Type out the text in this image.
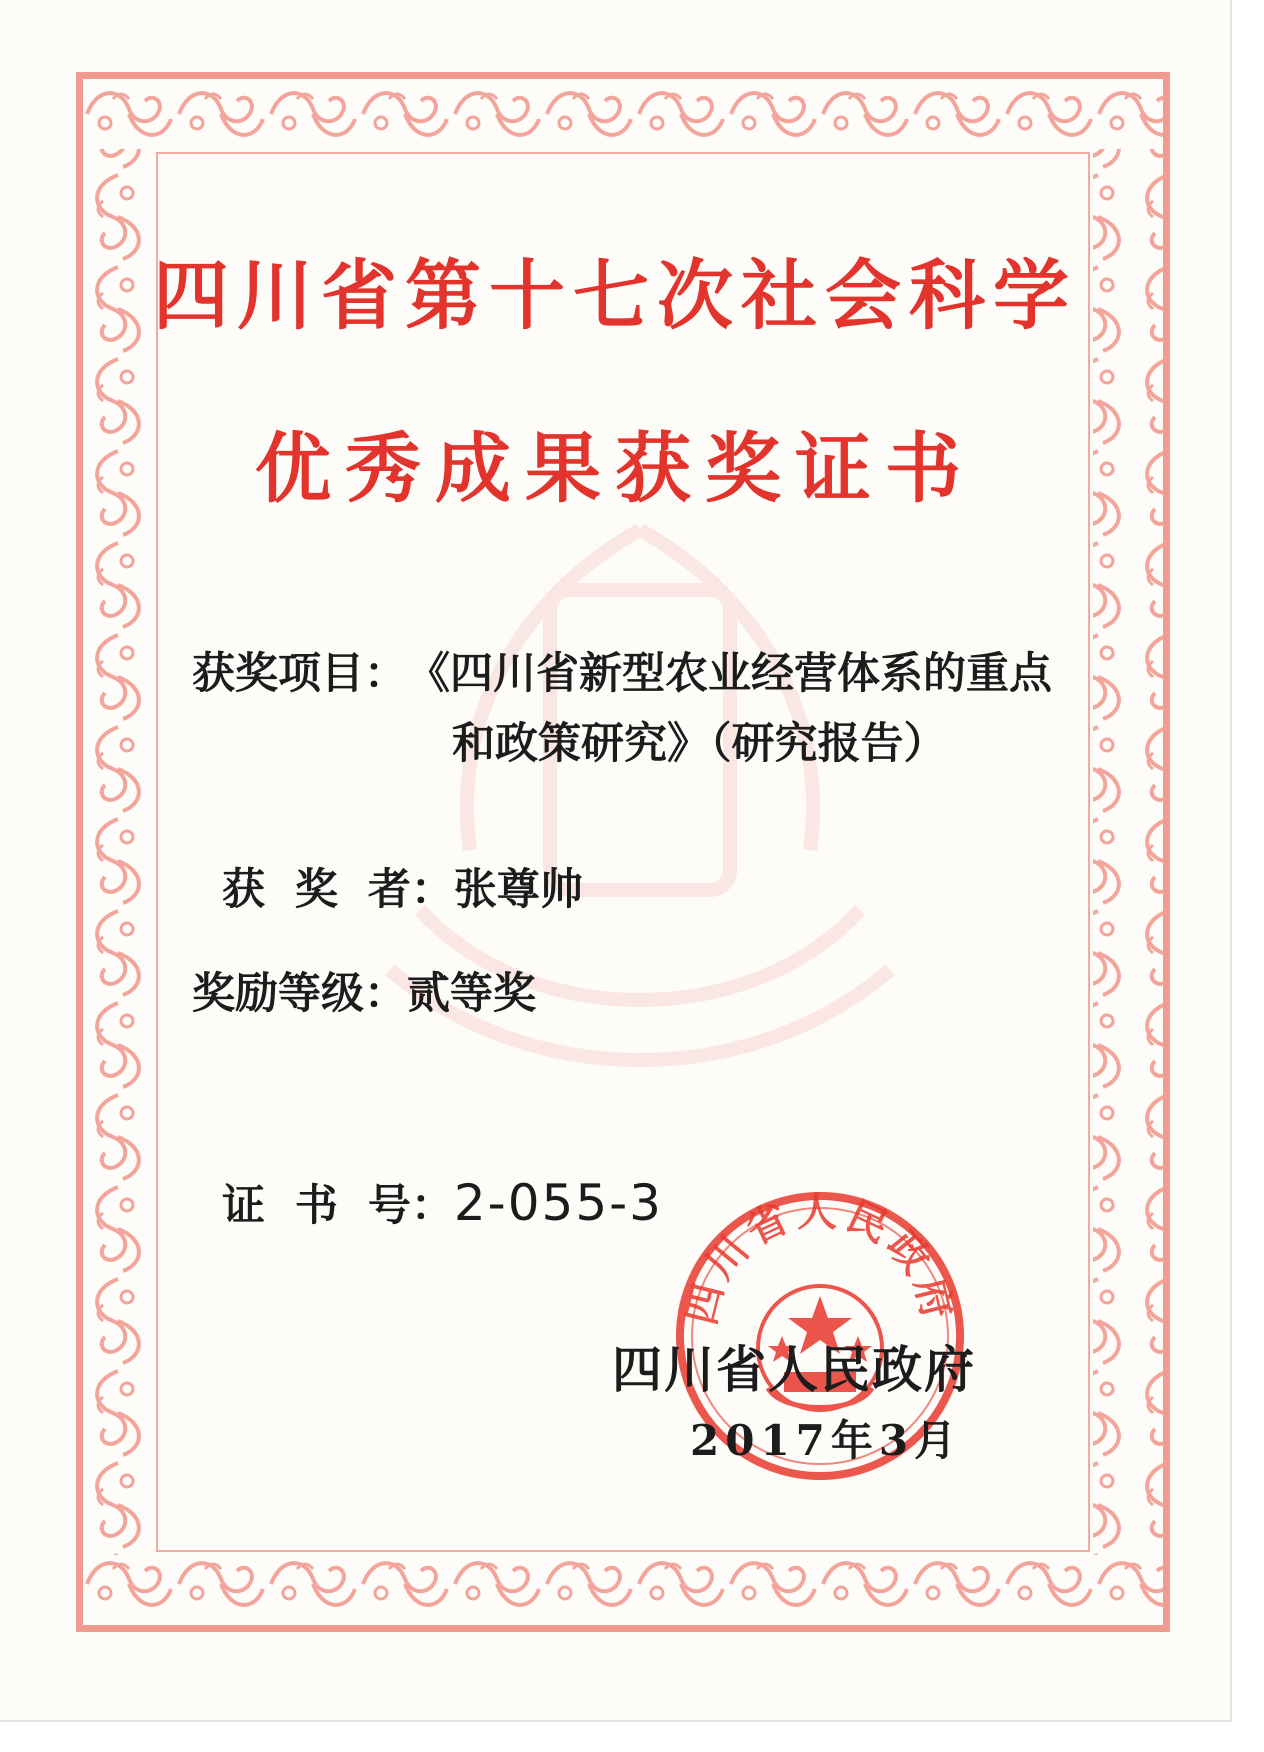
四川省第十七次社会科学
优秀成果获奖证书
获奖项目：《四川省新型农业经营体系的重点
和政策研究》（研究报告）

获  奖  者：张尊帅

奖励等级：贰等奖

证  书  号：2-055-3

四川省人民政府
四川省人民政府
2017年3月
